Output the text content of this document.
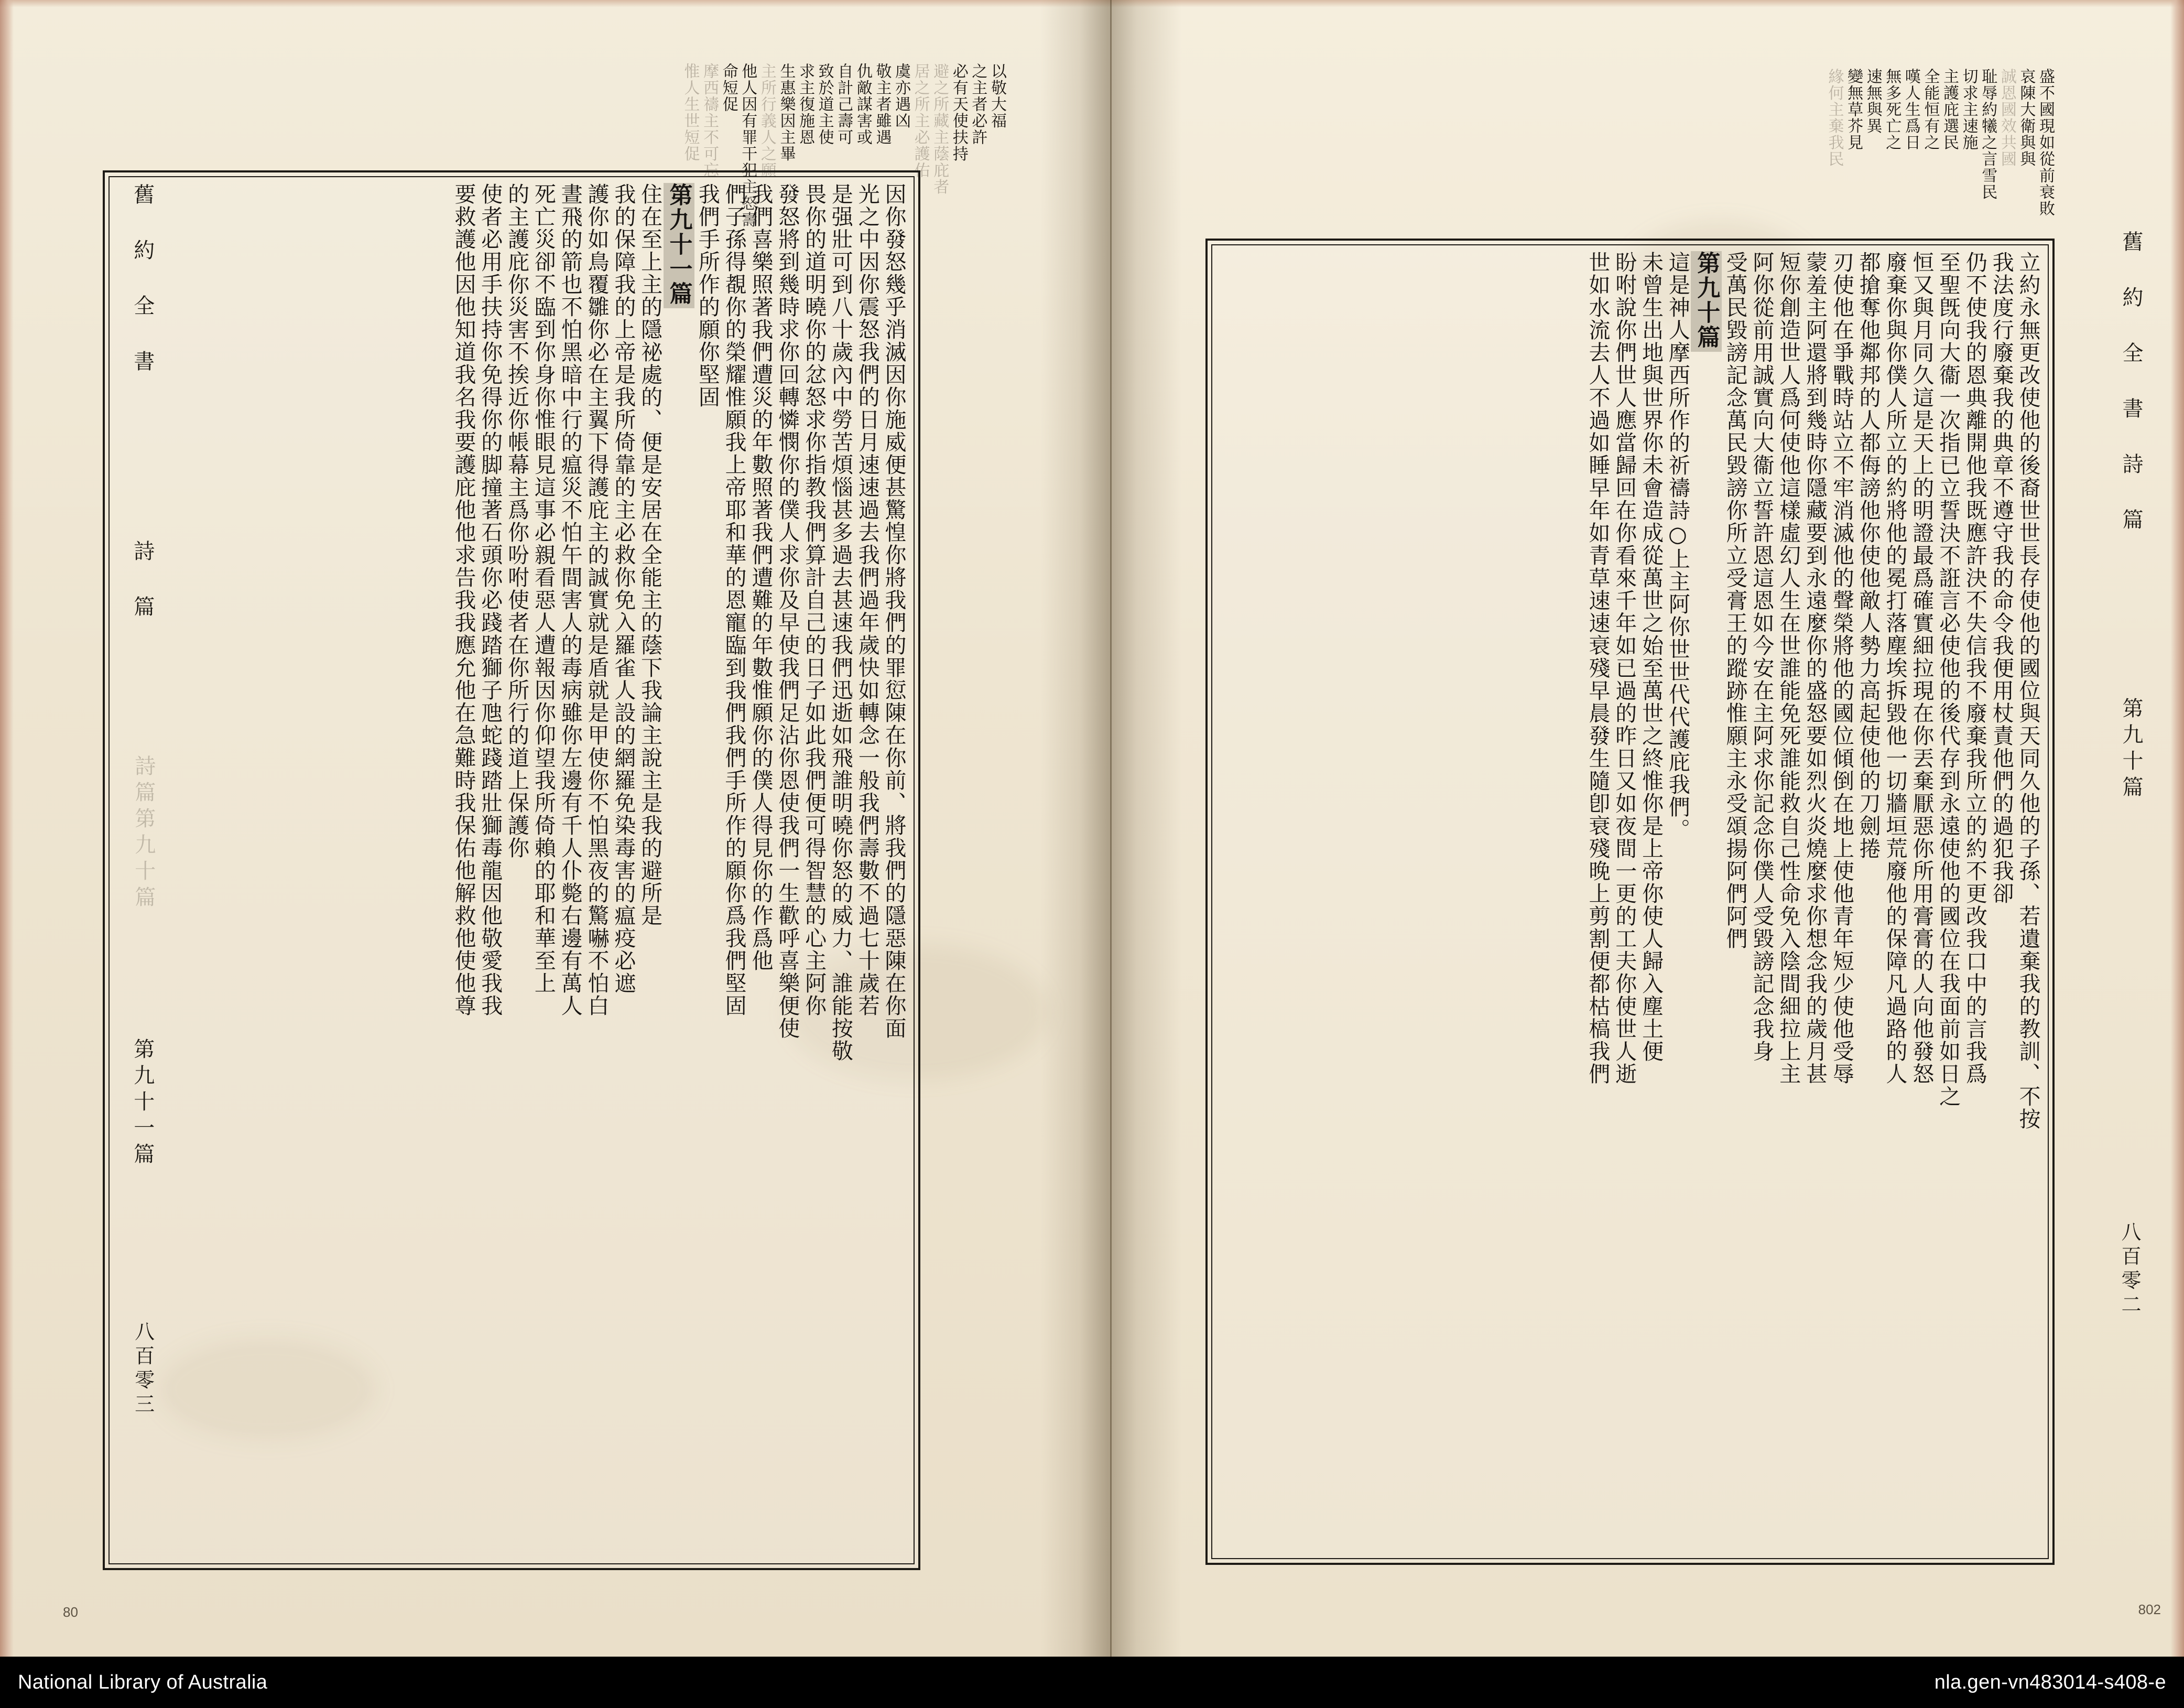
盛不國現如從前衰敗
哀陳大衛與與
誠恩國效共國
耻辱約犧之言雪民
切求主速施
主護庇選民
全能恒有之
嘆人生爲日
無多死亡之
速無與異
變無草芥見
緣何主棄我民
立約永無更改使他的後裔世世長存使他的國位與天同久他的子孫、若遺棄我的教訓、不按
我法度行廢棄我的典章不遵守我的命令我便用杖責他們的過犯我卻
仍不使我的恩典離開他我既應許決不失信我不廢棄我所立的約不更改我口中的言我爲
至聖旣向大衞一次指已立誓決不誑言必使他的後代存到永遠使他的國位在我面前如日之
恒又與月同久這是天上的明證最爲確實細拉現在你丟棄厭惡你所用膏膏的人向他發怒
廢棄你與你僕人所立的約將他的冕打落塵埃拆毀他一切牆垣荒廢他的保障凡過路的人
都搶奪他鄰邦的人都侮謗他你使他敵人勢力高起使他的刀劍捲
刃使他在爭戰時站立不牢消滅他的聲榮將他的國位傾倒在地上使他青年短少使他受辱
蒙羞主阿還將到幾時你隱藏要到永遠麼你的盛怒要如烈火炎燒麼求你想念我的歲月甚
短你創造世人爲何使他這樣虛幻人生在世誰能免死誰能救自己性命免入陰間細拉上主
阿你從前用誠實向大衞立誓許恩這恩如今安在主阿求你記念你僕人受毀謗記念我身
受萬民毀謗記念萬民毀謗你所立受膏王的蹤跡惟願主永受頌揚阿們阿們
第九十篇
這是神人摩西所作的祈禱詩○上主阿你世世代代護庇我們。
未曾生出地與世界你未會造成從萬世之始至萬世之終惟你是上帝你使人歸入塵土便
盼咐說你們世人應當歸回在你看來千年如已過的昨日又如夜間一更的工夫你使世人逝
世如水流去人不過如睡早年如青草速速衰殘早晨發生隨卽衰殘晚上剪割便都枯槁我們	舊 約 全 書 詩 篇
第九十篇
八百零二
802
以敬大福
之主者必許
必有天使扶持
避之所藏主蔭庇者
居之所主必護佑
虞亦遇凶
敬主者雖遇
仇敵謀害或
自計己壽可
致於道主使
求主復施恩
生惠樂因主畢
主所行義人之願
他人因有罪干犯主怒壽
命短促
摩西禱主不可忘
惟人生世短促
因你發怒幾乎消滅因你施威便甚驚惶你將我們的罪愆陳在你前、將我們的隱惡陳在你面
光之中因你震怒我們的日月速速過去我們過年歲快如轉念一般我們壽數不過七十歲若
是强壯可到八十歲內中勞苦煩惱甚多過去甚速我們迅逝如飛誰明曉你怒的威力、誰能按敬
畏你的道明曉你的忿怒求你指教我們算計自己的日子如此我們便可得智慧的心主阿你
發怒將到幾時求你回轉憐憫你的僕人求你及早使我們足沾你恩使我們一生歡呼喜樂便使
我們喜樂照著我們遭災的年數照著我們遭難的年數惟願你的僕人得見你的作爲他
們子孫得覩你的榮耀惟願我上帝耶和華的恩寵臨到我們我們手所作的願你爲我們堅固
我們手所作的願你堅固
第九十一篇
住在至上主的隱祕處的、便是安居在全能主的蔭下我論主說主是我的避所是
我的保障我的上帝是我所倚靠的主必救你免入羅雀人設的網羅免染毒害的瘟疫必遮
護你如鳥覆雛你必在主翼下得護庇主的誠實就是盾就是甲使你不怕黑夜的驚嚇不怕白
晝飛的箭也不怕黑暗中行的瘟災不怕午間害人的毒病雖你左邊有千人仆斃右邊有萬人
死亡災卻不臨到你身你惟眼見這事必親看惡人遭報因你仰望我所倚賴的耶和華至上
的主護庇你災害不挨近你帳幕主爲你吩咐使者在你所行的道上保護你
使者必用手扶持你免得你的脚撞著石頭你必踐踏獅子虺蛇踐踏壯獅毒龍因他敬愛我我
要救護他因他知道我名我要護庇他他求告我我應允他在急難時我保佑他解救他使他尊
舊 約 全 書
詩 篇
詩篇第九十篇
第九十一篇
八百零三
80
National Library of Australia	nla.gen-vn483014-s408-e
